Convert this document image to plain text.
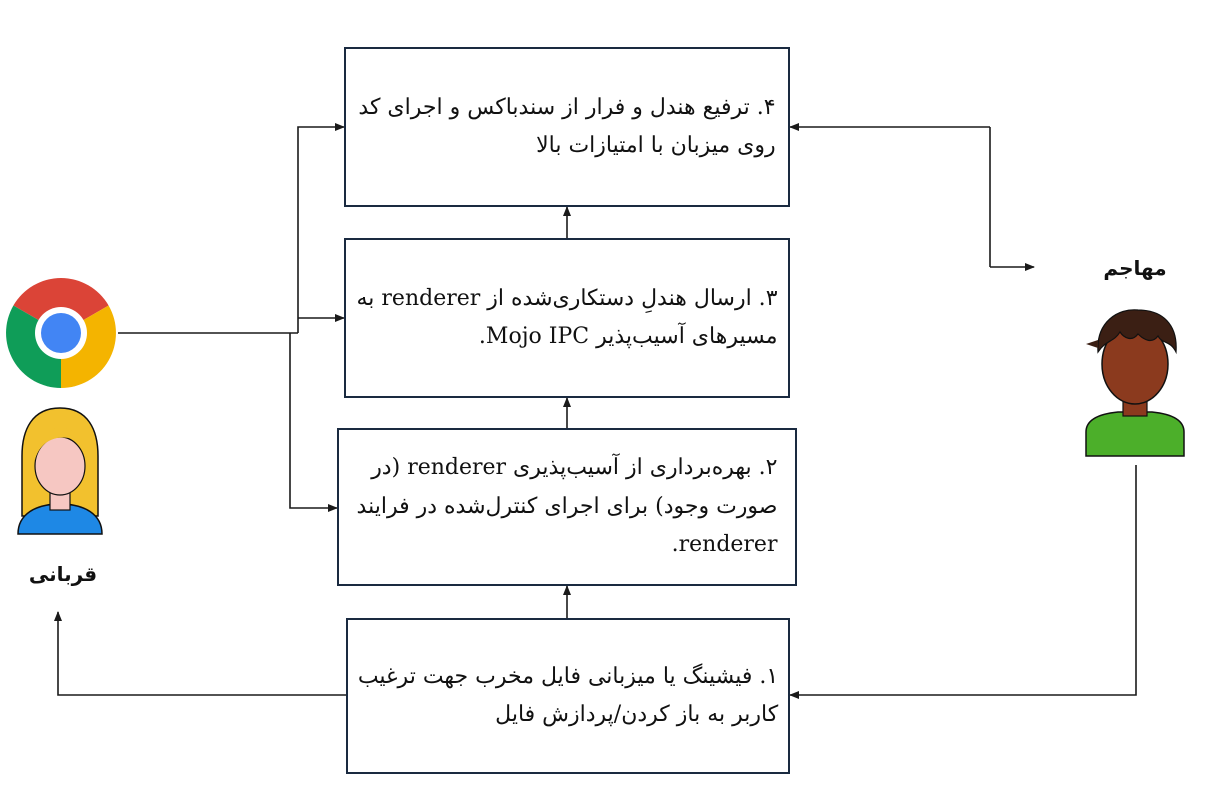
۴. ترفیع هندل و فرار از سندباکس و اجرای کد
روی میزبان با امتیازات بالا
۳. ارسال هندلِ دستکاری‌شده از renderer به
مسیرهای آسیب‌پذیر Mojo IPC.
۲. بهره‌برداری از آسیب‌پذیری renderer (در
صورت وجود) برای اجرای کنترل‌شده در فرایند
renderer.
۱. فیشینگ یا میزبانی فایل مخرب جهت ترغیب
کاربر به باز کردن/پردازش فایل
قربانی
مهاجم
